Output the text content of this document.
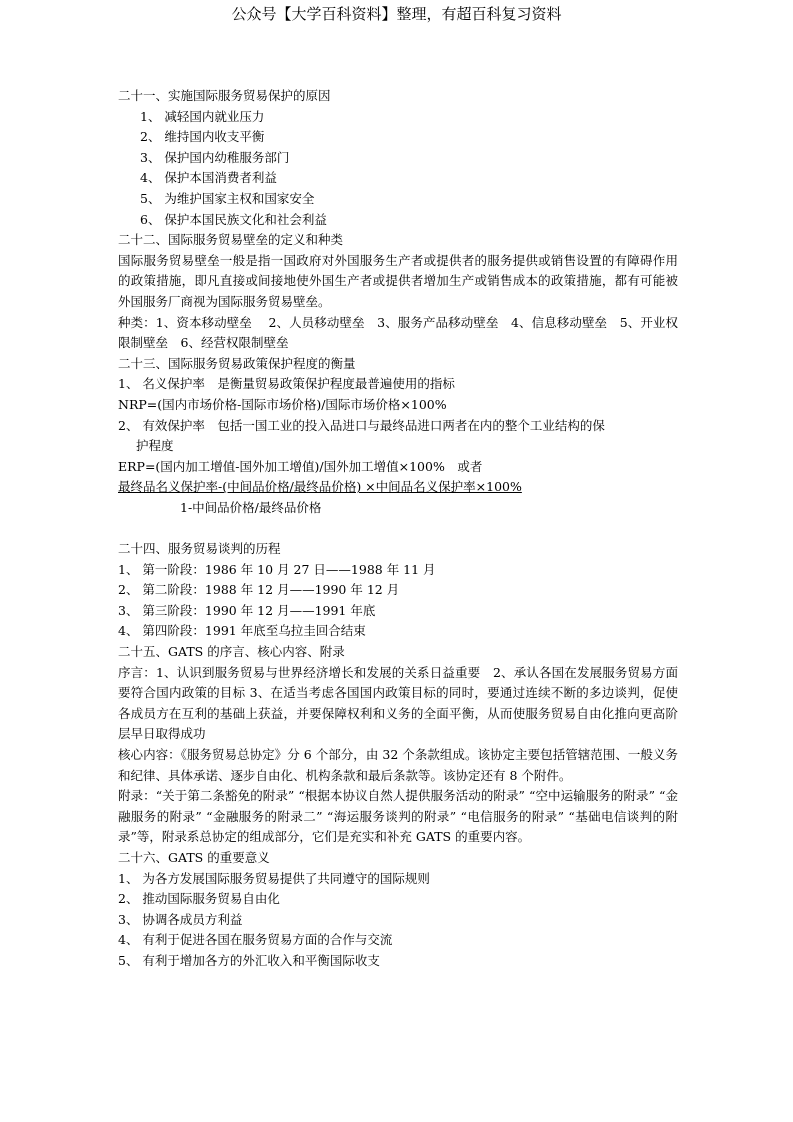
公众号【大学百科资料】整理，有超百科复习资料

二十一、实施国际服务贸易保护的原因

1、 减轻国内就业压力

2、 维持国内收支平衡

3、 保护国内幼稚服务部门

4、 保护本国消费者利益

5、 为维护国家主权和国家安全

6、 保护本国民族文化和社会利益

二十二、国际服务贸易壁垒的定义和种类

国际服务贸易壁垒一般是指一国政府对外国服务生产者或提供者的服务提供或销售设置的有障碍作用的政策措施，即凡直接或间接地使外国生产者或提供者增加生产或销售成本的政策措施，都有可能被外国服务厂商视为国际服务贸易壁垒。

种类：1、资本移动壁垒　 2、人员移动壁垒　3、服务产品移动壁垒　4、信息移动壁垒　5、开业权限制壁垒　6、经营权限制壁垒

二十三、国际服务贸易政策保护程度的衡量

1、 名义保护率　是衡量贸易政策保护程度最普遍使用的指标

NRP=(国内市场价格-国际市场价格)/国际市场价格×100%

2、 有效保护率　包括一国工业的投入品进口与最终品进口两者在内的整个工业结构的保

护程度

ERP=(国内加工增值-国外加工增值)/国外加工增值×100%　或者

最终品名义保护率-(中间品价格/最终品价格) ×中间品名义保护率×100%

1-中间品价格/最终品价格

二十四、服务贸易谈判的历程

1、 第一阶段：1986 年 10 月 27 日——1988 年 11 月

2、 第二阶段：1988 年 12 月——1990 年 12 月

3、 第三阶段：1990 年 12 月——1991 年底

4、 第四阶段：1991 年底至乌拉圭回合结束

二十五、GATS 的序言、核心内容、附录

序言：1、认识到服务贸易与世界经济增长和发展的关系日益重要　2、承认各国在发展服务贸易方面要符合国内政策的目标 3、在适当考虑各国国内政策目标的同时，要通过连续不断的多边谈判，促使各成员方在互利的基础上获益，并要保障权利和义务的全面平衡，从而使服务贸易自由化推向更高阶层早日取得成功

核心内容：《服务贸易总协定》分 6 个部分，由 32 个条款组成。该协定主要包括管辖范围、一般义务和纪律、具体承诺、逐步自由化、机构条款和最后条款等。该协定还有 8 个附件。

附录：“关于第二条豁免的附录” “根据本协议自然人提供服务活动的附录” “空中运输服务的附录” “金融服务的附录” “金融服务的附录二” “海运服务谈判的附录” “电信服务的附录” “基础电信谈判的附录”等，附录系总协定的组成部分，它们是充实和补充 GATS 的重要内容。

二十六、GATS 的重要意义

1、 为各方发展国际服务贸易提供了共同遵守的国际规则

2、 推动国际服务贸易自由化

3、 协调各成员方利益

4、 有利于促进各国在服务贸易方面的合作与交流

5、 有利于增加各方的外汇收入和平衡国际收支
